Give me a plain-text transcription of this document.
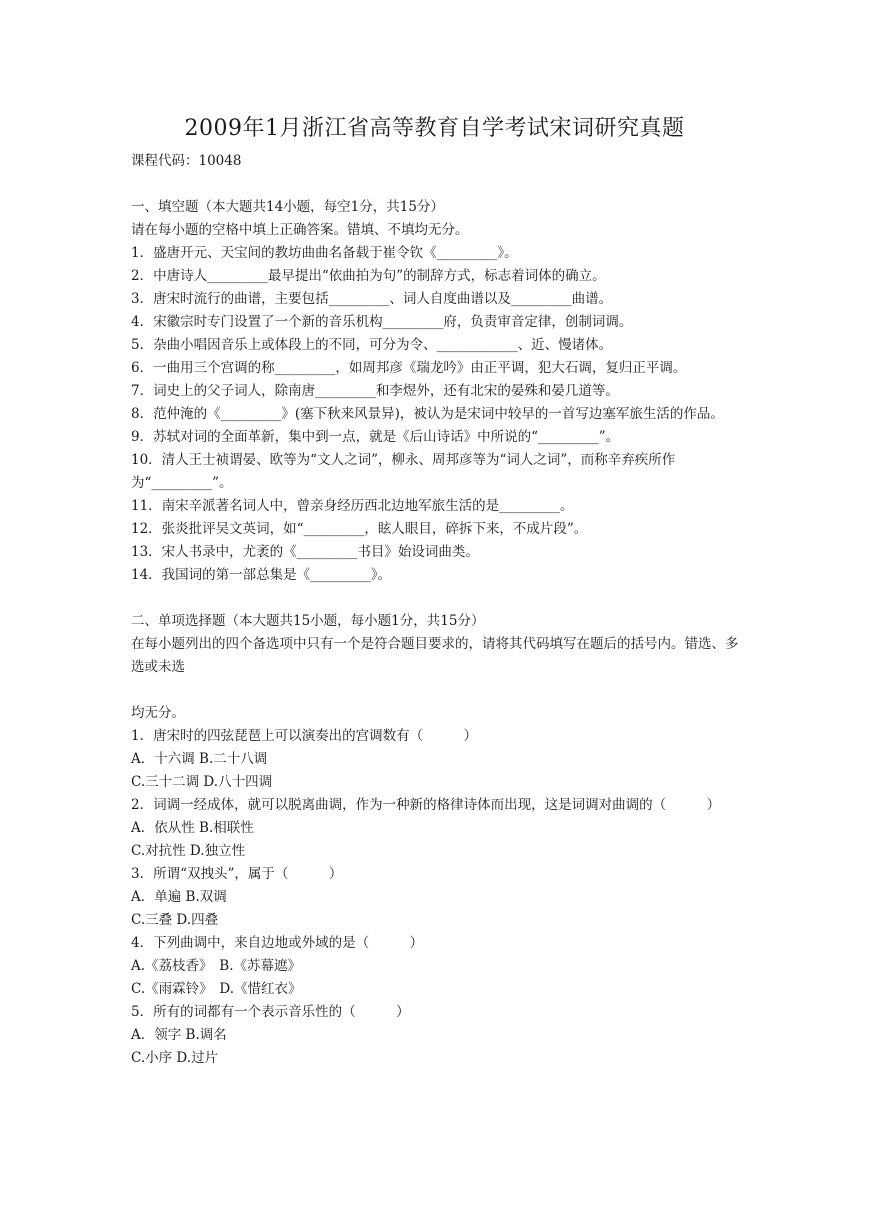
2009年1月浙江省高等教育自学考试宋词研究真题
课程代码：10048
一、填空题（本大题共14小题，每空1分，共15分）
请在每小题的空格中填上正确答案。错填、不填均无分。
1．盛唐开元、天宝间的教坊曲曲名备载于崔令钦《_________》。
2．中唐诗人_________最早提出“依曲拍为句”的制辞方式，标志着词体的确立。
3．唐宋时流行的曲谱，主要包括_________、词人自度曲谱以及_________曲谱。
4．宋徽宗时专门设置了一个新的音乐机构_________府，负责审音定律，创制词调。
5．杂曲小唱因音乐上或体段上的不同，可分为令、____________、近、慢诸体。
6．一曲用三个宫调的称_________，如周邦彦《瑞龙吟》由正平调，犯大石调，复归正平调。
7．词史上的父子词人，除南唐_________和李煜外，还有北宋的晏殊和晏几道等。
8．范仲淹的《_________》(塞下秋来风景异)，被认为是宋词中较早的一首写边塞军旅生活的作品。
9．苏轼对词的全面革新，集中到一点，就是《后山诗话》中所说的“_________”。
10．清人王士祯谓晏、欧等为“文人之词”，柳永、周邦彦等为“词人之词”，而称辛弃疾所作为“_________”。
11．南宋辛派著名词人中，曾亲身经历西北边地军旅生活的是_________。
12．张炎批评吴文英词，如“_________，眩人眼目，碎拆下来，不成片段”。
13．宋人书录中，尤袤的《_________书目》始设词曲类。
14．我国词的第一部总集是《_________》。
二、单项选择题（本大题共15小题，每小题1分，共15分）
在每小题列出的四个备选项中只有一个是符合题目要求的，请将其代码填写在题后的括号内。错选、多选或未选
均无分。
1．唐宋时的四弦琵琶上可以演奏出的宫调数有（　　　）
A．十六调 B.二十八调
C.三十二调 D.八十四调
2．词调一经成体，就可以脱离曲调，作为一种新的格律诗体而出现，这是词调对曲调的（　　　）
A．依从性 B.相联性
C.对抗性 D.独立性
3．所谓“双拽头”，属于（　　　）
A．单遍 B.双调
C.三叠 D.四叠
4．下列曲调中，来自边地或外域的是（　　　）
A.《荔枝香》　B.《苏幕遮》
C.《雨霖铃》　D.《惜红衣》
5．所有的词都有一个表示音乐性的（　　　）
A．领字 B.调名
C.小序 D.过片
